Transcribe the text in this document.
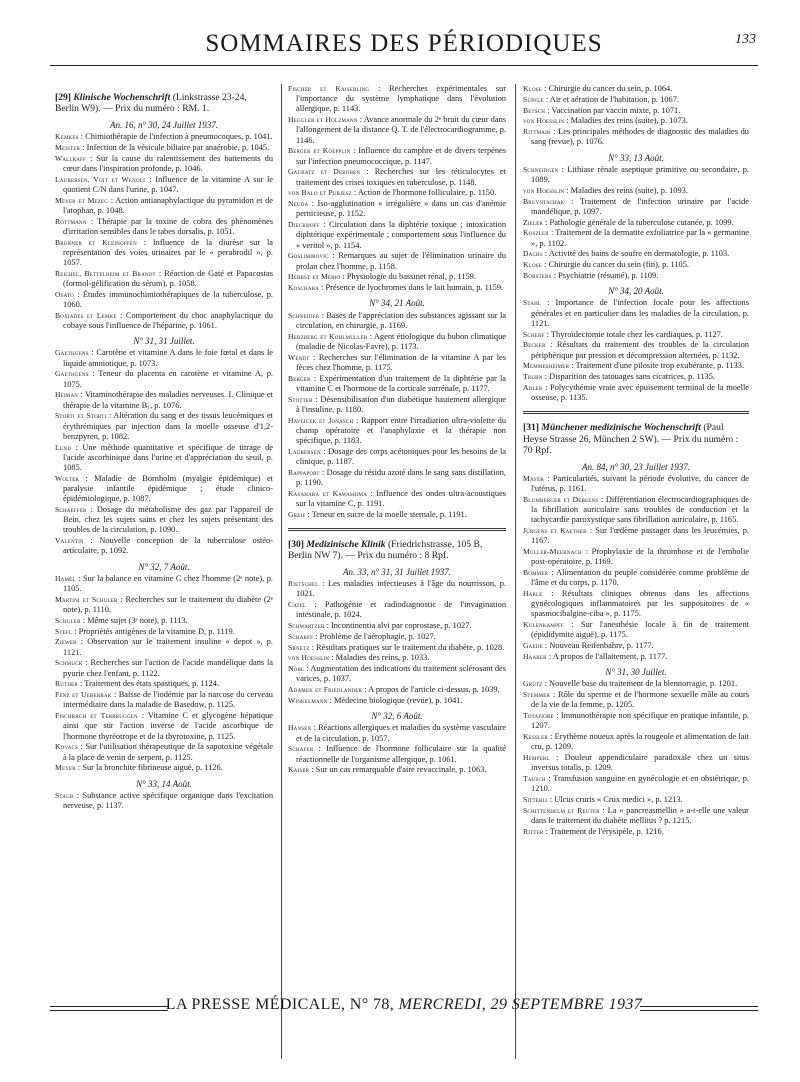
SOMMAIRES DES PÉRIODIQUES	133
[29] Klinische Wochenschrift (Linkstrasse 23-24, Berlin W9). — Prix du numéro : RM. 1.
An. 16, n° 30, 24 Juillet 1937.
Kemkes : Chimiothérapie de l'infection à pneumocoques, p. 1041.
Meister : Infection de la vésicule biliaire par anaérobie, p. 1045.
Wallraff : Sur la cause du ralentissement des battements du cœur dans l'inspiration profonde, p. 1046.
Laurersen, Voit et Wenolt : Influence de la vitamine A sur le quotient C/N dans l'urine, p. 1047.
Meyer et Mezeg : Action antianaphylactique du pyramidon et de l'atophan, p. 1048.
Rottmann : Thérapie par la toxine de cobra des phénomènes d'irritation sensibles dans le tabes dorsalis, p. 1051.
Bronner et Kleinoffen : Influence de la diurèse sur la représentation des voies urinaires par le « perabrodil », p. 1057.
Reichel, Bettelheim et Brandt : Réaction de Gaté et Papacostas (formol-gélification du sérum), p. 1058.
Osato : Études immunochimiothérapiques de la tuberculose, p. 1060.
Boxiades et Lemke : Comportement du choc anaphylactique du cobaye sous l'influence de l'héparine, p. 1061.
N° 31, 31 Juillet.
Gaethgens : Carotène et vitamine A dans le foie fœtal et dans le liquide amniotique, p. 1073.
Gaethgens : Teneur du placenta en carotène et vitamine A, p. 1075.
Heiman : Vitaminothérapie des maladies nerveuses. I. Clinique et thérapie de la vitamine B₁, p. 1076.
Storti et Storti : Altération du sang et des tissus leucémiques et érythrémiques par injection dans la moelle osseuse d'1,2-benzpyren, p. 1082.
Lund : Une méthode quantitative et spécifique de titrage de l'acide ascorbinique dans l'urine et d'appréciation du seuil, p. 1085.
Wolter : Maladie de Bornholm (myalgie épidémique) et paralysie infantile épidémique ; étude clinico-épidémiologique, p. 1087.
Schaeffer : Dosage du métabolisme des gaz par l'appareil de Bein, chez les sujets sains et chez les sujets présentant des troubles de la circulation, p. 1090.
Valentin : Nouvelle conception de la tuberculose ostéo-articulaire, p. 1092.
N° 32, 7 Août.
Hamel : Sur la balance en vitamine C chez l'homme (2ᵉ note), p. 1105.
Martini et Schuler : Recherches sur le traitement du diabète (2ᵉ note), p. 1110.
Schuler : Même sujet (3ᵉ note), p. 1113.
Stefl : Propriétés antigènes de la vitamine D, p. 1119.
Ziewer : Observation sur le traitement insuline « depot », p. 1121.
Schmuck : Recherches sur l'action de l'acide mandélique dans la pyurie chez l'enfant, p. 1122.
Rüther : Traitement des états spastiques, p. 1124.
Fenz et Ueberrak : Baisse de l'iodémie par la narcose du cerveau intermédiaire dans la maladie de Basedow, p. 1125.
Fischbach et Terbrüggen : Vitamine C et glycogène hépatique ainsi que sur l'action inverse de l'acide ascorbique de l'hormone thyréotrope et de la thyrotoxine, p. 1125.
Kovacs : Sur l'utilisation thérapeutique de la sapotoxine végétale à la place de venin de serpent, p. 1125.
Meyer : Sur la bronchite fibrineuse aiguë, p. 1126.
N° 33, 14 Août.
Staub : Substance active spécifique organique dans l'excitation nerveuse, p. 1137.
Fischer et Kaiserling : Recherches expérimentales sur l'importance du système lymphatique dans l'évolution allergique, p. 1143.
Heggler et Holzmann : Avance anormale du 2ᵉ bruit du cœur dans l'allongement de la distance Q. T. de l'électrocardiogramme, p. 1146.
Berger et Koepplin : Influence du camphre et de divers terpènes sur l'infection pneumococcique, p. 1147.
Gaubatz et Deboben : Recherches sur les réticulocytes et traitement des crises toxiques en tuberculose, p. 1148.
von Balo et Purjesz : Action de l'hormone folliculaire, p. 1150.
Neuda : Iso-agglutination « irrégulière » dans un cas d'anémie pernicieuse, p. 1152.
Dieckhoff : Circulation dans la diphtérie toxique ; intoxication diphtérique expérimentale ; comportement sous l'influence du « veritol », p. 1154.
Goslimirovic : Remarques au sujet de l'élimination urinaire du prolan chez l'homme, p. 1158.
Herbst et Merio : Physiologie du bassinet rénal, p. 1159.
Koschaba : Présence de lyochromes dans le lait humain, p. 1159.
N° 34, 21 Août.
Schneider : Bases de l'appréciation des substances agissant sur la circulation, en chirurgie, p. 1169.
Herzberg et Kohlmüller : Agent étiologique du bubon climatique (maladie de Nicolas-Favre), p. 1173.
Wendt : Recherches sur l'élimination de la vitamine A par les fèces chez l'homme, p. 1175.
Berger : Expérimentation d'un traitement de la diphtérie par la vitamine C et l'hormone de la corticale surrénale, p. 1177.
Stotter : Désensibilisation d'un diabétique hautement allergique à l'insuline, p. 1180.
Havlicek et Jonasch : Rapport entre l'irradiation ultra-violette du champ opératoire et l'anaphylaxie et la thérapie non spécifique, p. 1183.
Laurersen : Dosage des corps acétoniques pour les besoins de la clinique, p. 1187.
Rappaport : Dosage du résidu azoté dans le sang sans distillation, p. 1190.
Kasahara et Kawashima : Influence des ondes ultra-acoustiques sur la vitamine C, p. 1191.
Greif : Teneur en sucre de la moelle sternale, p. 1191.
[30] Medizinische Klinik (Friedrichstrasse, 105 B, Berlin NW 7). — Prix du numéro : 8 Rpf.
An. 33, n° 31, 31 Juillet 1937.
Rietschel : Les maladies infectieuses à l'âge du nourrisson, p. 1021.
Catel : Pathogénie et radiodiagnostic de l'invagination intestinale, p. 1024.
Schwartzer : Incontinentia alvi par coprostase, p. 1027.
Scharff : Problème de l'aérophagie, p. 1027.
Srnetz : Résultats pratiques sur le traitement du diabète, p. 1028.
von Hoesslin : Maladies des reins, p. 1033.
Nöbl : Augmentation des indications du traitement sclérosant des varices, p. 1037.
Adamek et Friedlander : A propos de l'article ci-dessus, p. 1039.
Winkelmann : Médecine biologique (revue), p. 1041.
N° 32, 6 Août.
Hansen : Réactions allergiques et maladies du système vasculaire et de la circulation, p. 1057.
Schafer : Influence de l'hormone folliculaire sur la qualité réactionnelle de l'organisme allergique, p. 1061.
Kaiser : Sur un cas remarquable d'aire revaccinale, p. 1063.
Klose : Chirurgie du cancer du sein, p. 1064.
Süpfle : Air et aération de l'habitation, p. 1067.
Betsch : Vaccination par vaccin mixte, p. 1071.
von Hoesslin : Maladies des reins (suite), p. 1073.
Rittmair : Les principales méthodes de diagnostic des maladies du sang (revue), p. 1076.
N° 33, 13 Août.
Schneidgen : Lithiase rénale aseptique primitive ou secondaire, p. 1089.
von Hoesslin : Maladies des reins (suite), p. 1093.
Bruyntschak : Traitement de l'infection urinaire par l'acide mandélique, p. 1097.
Zieler : Pathologie générale de la tuberculose cutanée, p. 1099.
Koszler : Traitement de la dermatite exfoliatrice par la « germanine », p. 1102.
Dachs : Activité des bains de soufre en dermatologie, p. 1103.
Klose : Chirurgie du cancer du sein (fin), p. 1105.
Borsters : Psychiatrie (résumé), p. 1109.
N° 34, 20 Août.
Stahl : Importance de l'infection focale pour les affections générales et en particulier dans les maladies de la circulation, p. 1121.
Scherf : Thyroïdectomie totale chez les cardiaques, p. 1127.
Becker : Résultats du traitement des troubles de la circulation périphérique par pression et décompression alternées, p. 1132.
Memmesheimer : Traitement d'une pilosite trop exubérante, p. 1133.
Trubn : Disparition des tatouages sans cicatrices, p. 1135.
Adler : Polycythémie vraie avec épuisement terminal de la moelle osseuse, p. 1135.
[31] Münchener medizinische Wochenschrift (Paul Heyse Strasse 26, München 2 SW). — Prix du numéro : 70 Rpf.
An. 84, n° 30, 23 Juillet 1937.
Mayer : Particularités, suivant la période évolutive, du cancer de l'utérus, p. 1161.
Blumberger et Debeens : Différentiation électrocardiographiques de la fibrillation auriculaire sans troubles de conduction et la tachycardie paroxystique sans fibrillation auriculaire, p. 1165.
Jürgens et Kaether : Sur l'œdème passager dans les leucémies, p. 1167.
Muller-Meernach : Prophylaxie de la thrombose et de l'embolie post-opératoire, p. 1169.
Bommer : Alimentation du peuple considérée comme problème de l'âme et du corps, p. 1170.
Harle : Résultats cliniques obtenus dans les affections gynécologiques inflammatoires par les suppositoires de « spasmocibalgine-ciba », p. 1175.
Kulenkampff : Sur l'anesthésie locale à fin de traitement (épididymite aiguë), p. 1175.
Gaede : Nouveau Reifenbahre, p. 1177.
Haaber : A propos de l'allaitement, p. 1177.
N° 31, 30 Juillet.
Grütz : Nouvelle base du traitement de la blennorragie, p. 1201.
Stemmer : Rôle du sperme et de l'hormone sexuelle mâle au cours de la vie de la femme, p. 1205.
Totafiore : Immunothérapie non spécifique en pratique infantile, p. 1207.
Kessler : Erythème noueux après la rougeole et alimentation de lait cru, p. 1209.
Hemperl : Douleur appendiculaire paradoxale chez un situs inversus totalis, p. 1209.
Tausch : Transfusion sanguine en gynécologie et en obstétrique, p. 1210.
Sitterli : Ulcus cruris « Crux medici », p. 1213.
Schittenhelm et Reuter : La « pancreasmellin » a-t-elle une valeur dans le traitement du diabète mellitus ? p. 1215.
Ritter : Traitement de l'érysipèle, p. 1216.
LA PRESSE MÉDICALE, N° 78, MERCREDI, 29 SEPTEMBRE 1937
